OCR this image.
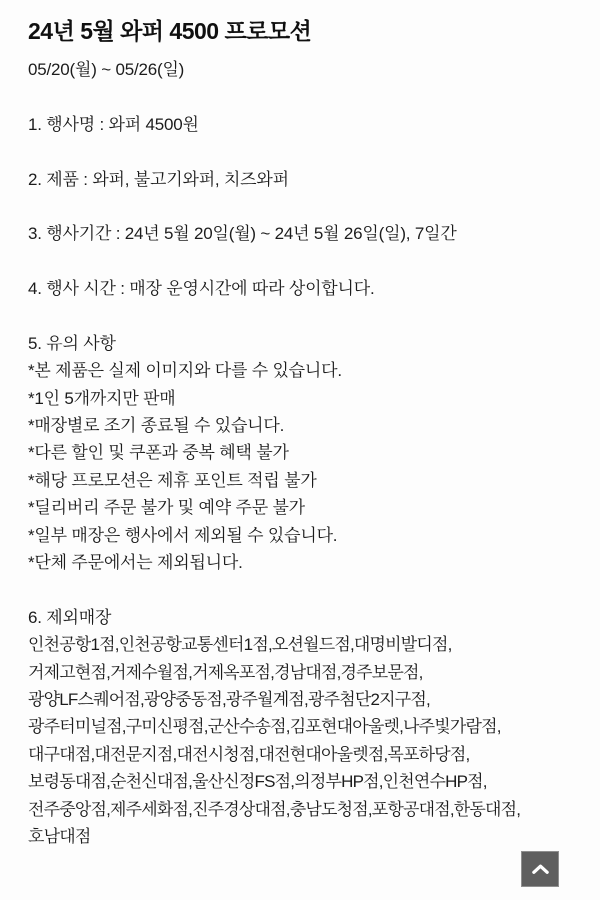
24년 5월 와퍼 4500 프로모션
05/20(월) ~ 05/26(일)
1. 행사명 : 와퍼 4500원
2. 제품 : 와퍼, 불고기와퍼, 치즈와퍼
3. 행사기간 : 24년 5월 20일(월) ~ 24년 5월 26일(일), 7일간
4. 행사 시간 : 매장 운영시간에 따라 상이합니다.
5. 유의 사항
*본 제품은 실제 이미지와 다를 수 있습니다.
*1인 5개까지만 판매
*매장별로 조기 종료될 수 있습니다.
*다른 할인 및 쿠폰과 중복 혜택 불가
*해당 프로모션은 제휴 포인트 적립 불가
*딜리버리 주문 불가 및 예약 주문 불가
*일부 매장은 행사에서 제외될 수 있습니다.
*단체 주문에서는 제외됩니다.
6. 제외매장
인천공항1점,인천공항교통센터1점,오션월드점,대명비발디점,
거제고현점,거제수월점,거제옥포점,경남대점,경주보문점,
광양LF스퀘어점,광양중동점,광주월계점,광주첨단2지구점,
광주터미널점,구미신평점,군산수송점,김포현대아울렛,나주빛가람점,
대구대점,대전문지점,대전시청점,대전현대아울렛점,목포하당점,
보령동대점,순천신대점,울산신정FS점,의정부HP점,인천연수HP점,
전주중앙점,제주세화점,진주경상대점,충남도청점,포항공대점,한동대점,
호남대점
